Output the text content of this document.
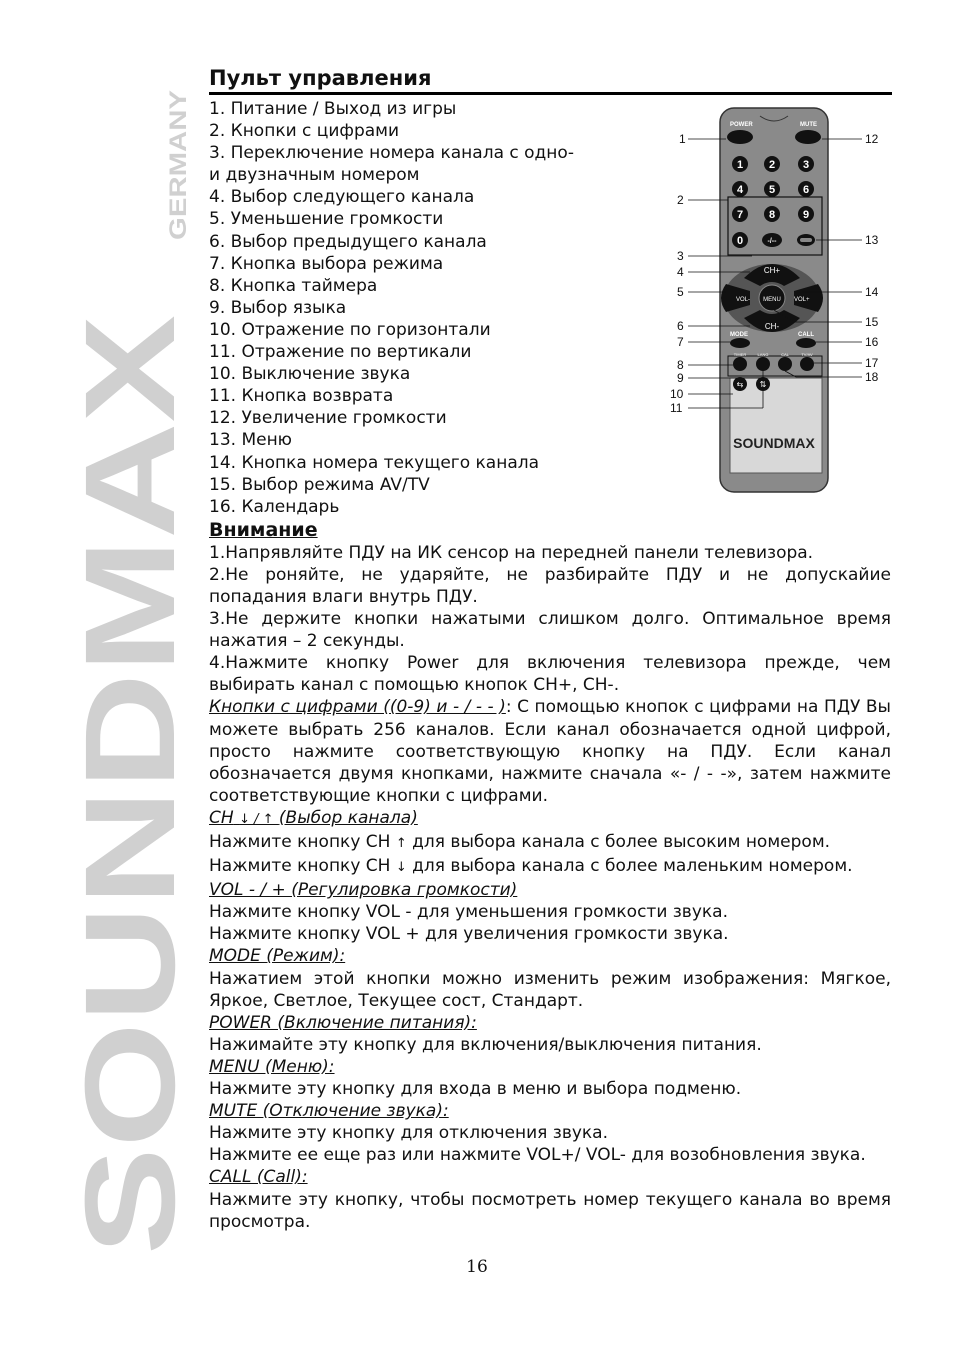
SOUNDMAX
GERMANY
Пульт управления
1. Питание / Выход из игры
2. Кнопки с цифрами
3. Переключение номера канала с одно-
и двузначным номером
4. Выбор следующего канала
5. Уменьшение громкости
6. Выбор предыдущего канала
7. Кнопка выбора режима
8. Кнопка таймера
9. Выбор языка
10. Отражение по горизонтали
11. Отражение по вертикали
10. Выключение звука
11. Кнопка возврата
12. Увеличение громкости
13. Меню
14. Кнопка номера текущего канала
15. Выбор режима AV/TV
16. Календарь
Внимание

1.Напрявляйте ПДУ на ИК сенсор на передней панели телевизора.

2.Не роняйте, не ударяйте, не разбирайте ПДУ и не допускайие попадания влаги внутрь ПДУ.

3.Не держите кнопки нажатыми слишком долго. Оптимальное время нажатия – 2 секунды.

4.Нажмите кнопку Power для включения телевизора прежде, чем выбирать канал с помощью кнопок CH+, CH-.

Кнопки с цифрами ((0-9) и - / - - ): С помощью кнопок с цифрами на ПДУ Вы можете выбрать 256 каналов. Если канал обозначается одной цифрой, просто нажмите соответствующую кнопку на ПДУ. Если канал обозначается двумя кнопками, нажмите сначала «- / - -», затем нажмите соответствующие кнопки с цифрами.

CH ↓ / ↑ (Выбор канала)

Нажмите кнопку CH ↑ для выбора канала с более высоким номером.

Нажмите кнопку CH ↓ для выбора канала с более маленьким номером.

VOL - / + (Регулировка громкости)

Нажмите кнопку VOL - для уменьшения громкости звука.

Нажмите кнопку VOL + для увеличения громкости звука.

MODE (Режим):

Нажатием этой кнопки можно изменить режим изображения: Мягкое, Яркое, Светлое, Текущее сост, Стандарт.

POWER (Включение питания):

Нажимайте эту кнопку для включения/выключения питания.

MENU (Меню):

Нажмите эту кнопку для входа в меню и выбора подменю.

MUTE (Отключение звука):

Нажмите эту кнопку для отключения звука.

Нажмите ее еще раз или нажмите VOL+/ VOL- для возобновления звука.

CALL (Call):

Нажмите эту кнопку, чтобы посмотреть номер текущего канала во время просмотра.

POWER	MUTE
1 2	3
4 5	6
7 8	9
0	-/--
CH+
CH-
VOL-	VOL+
MENU
MODE	CALL
TIMER	LANG	CAL	TV/AV
⇆ ⇅
SOUNDMAX
1
2
3
4
5
6
7
8
9
10
11
12
13
14
15
16
17
18
16
